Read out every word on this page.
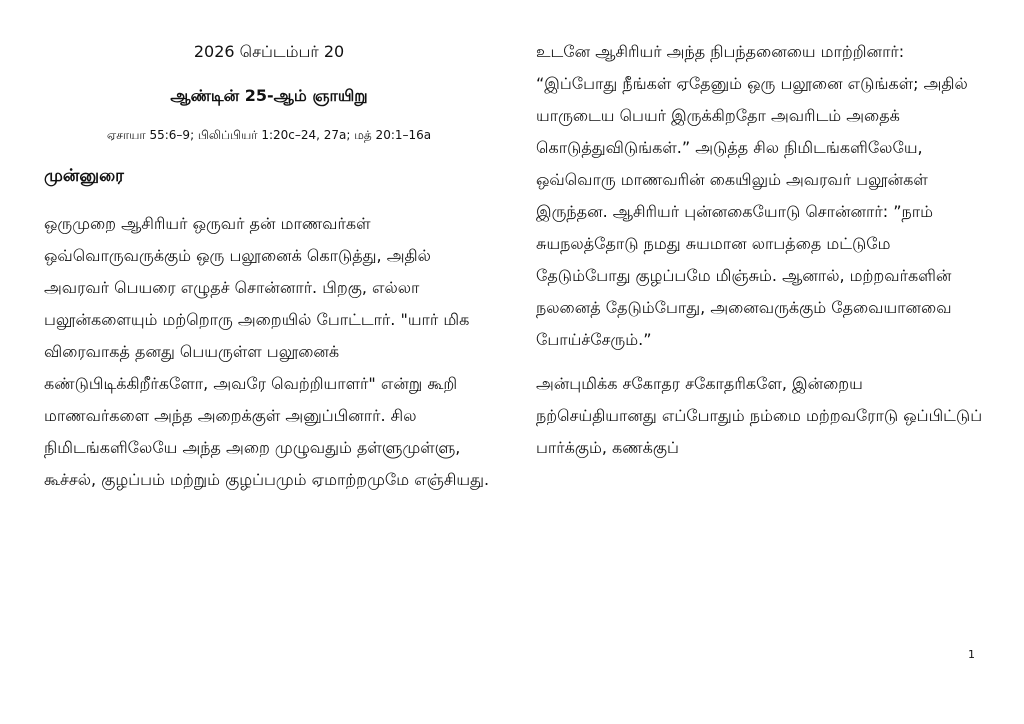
2026 செப்டம்பர் 20

ஆண்டின் 25-ஆம் ஞாயிறு

ஏசாயா 55:6–9; பிலிப்பியர் 1:20c–24, 27a; மத் 20:1–16a

முன்னுரை

ஒருமுறை ஆசிரியர் ஒருவர் தன் மாணவர்கள் ஒவ்வொருவருக்கும் ஒரு பலூனைக் கொடுத்து, அதில் அவரவர் பெயரை எழுதச் சொன்னார். பிறகு, எல்லா பலூன்களையும் மற்றொரு அறையில் போட்டார். "யார் மிக விரைவாகத் தனது பெயருள்ள பலூனைக் கண்டுபிடிக்கிறீர்களோ, அவரே வெற்றியாளர்" என்று கூறி மாணவர்களை அந்த அறைக்குள் அனுப்பினார். சில நிமிடங்களிலேயே அந்த அறை முழுவதும் தள்ளுமுள்ளு, கூச்சல், குழப்பம் மற்றும் குழப்பமும் ஏமாற்றமுமே எஞ்சியது.

உடனே ஆசிரியர் அந்த நிபந்தனையை மாற்றினார்: “இப்போது நீங்கள் ஏதேனும் ஒரு பலூனை எடுங்கள்; அதில் யாருடைய பெயர் இருக்கிறதோ அவரிடம் அதைக் கொடுத்துவிடுங்கள்.” அடுத்த சில நிமிடங்களிலேயே, ஒவ்வொரு மாணவரின் கையிலும் அவரவர் பலூன்கள் இருந்தன. ஆசிரியர் புன்னகையோடு சொன்னார்: ”நாம் சுயநலத்தோடு நமது சுயமான லாபத்தை மட்டுமே தேடும்போது குழப்பமே மிஞ்சும். ஆனால், மற்றவர்களின் நலனைத் தேடும்போது, அனைவருக்கும் தேவையானவை போய்ச்சேரும்.”

அன்புமிக்க சகோதர சகோதரிகளே, இன்றைய நற்செய்தியானது எப்போதும் நம்மை மற்றவரோடு ஒப்பிட்டுப் பார்க்கும், கணக்குப்

1
